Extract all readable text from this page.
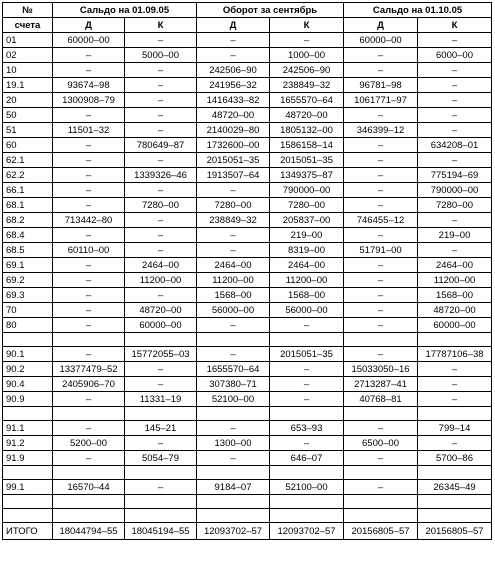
№	Сальдо на 01.09.05		Оборот за сентябрь		Сальдо на 01.10.05	
счета	Д	К	Д	К	Д	К
01	60000–00	–	–	–	60000–00	–
02	–	5000–00	–	1000–00	–	6000–00
10	–	–	242506–90	242506–90	–	–
19.1	93674–98	–	241956–32	238849–32	96781–98	–
20	1300908–79	–	1416433–82	1655570–64	1061771–97	–
50	–	–	48720–00	48720–00	–	–
51	11501–32	–	2140029–80	1805132–00	346399–12	–
60	–	780649–87	1732600–00	1586158–14	–	634208–01
62.1	–	–	2015051–35	2015051–35	–	–
62.2	–	1339326–46	1913507–64	1349375–87	–	775194–69
66.1	–	–	–	790000–00	–	790000–00
68.1	–	7280–00	7280–00	7280–00	–	7280–00
68.2	713442–80	–	238849–32	205837–00	746455–12	–
68.4	–	–	–	219–00	–	219–00
68.5	60110–00	–	–	8319–00	51791–00	–
69.1	–	2464–00	2464–00	2464–00	–	2464–00
69.2	–	11200–00	11200–00	11200–00	–	11200–00
69.3	–	–	1568–00	1568–00	–	1568–00
70	–	48720–00	56000–00	56000–00	–	48720–00
80	–	60000–00	–	–	–	60000–00

90.1	–	15772055–03	–	2015051–35	–	17787106–38
90.2	13377479–52	–	1655570–64	–	15033050–16	–
90.4	2405906–70	–	307380–71	–	2713287–41	–
90.9	–	11331–19	52100–00	–	40768–81	–

91.1	–	145–21	–	653–93	–	799–14
91.2	5200–00	–	1300–00	–	6500–00	–
91.9	–	5054–79	–	646–07	–	5700–86

99.1	16570–44	–	9184–07	52100–00	–	26345–49

ИТОГО	18044794–55	18045194–55	12093702–57	12093702–57	20156805–57	20156805–57
